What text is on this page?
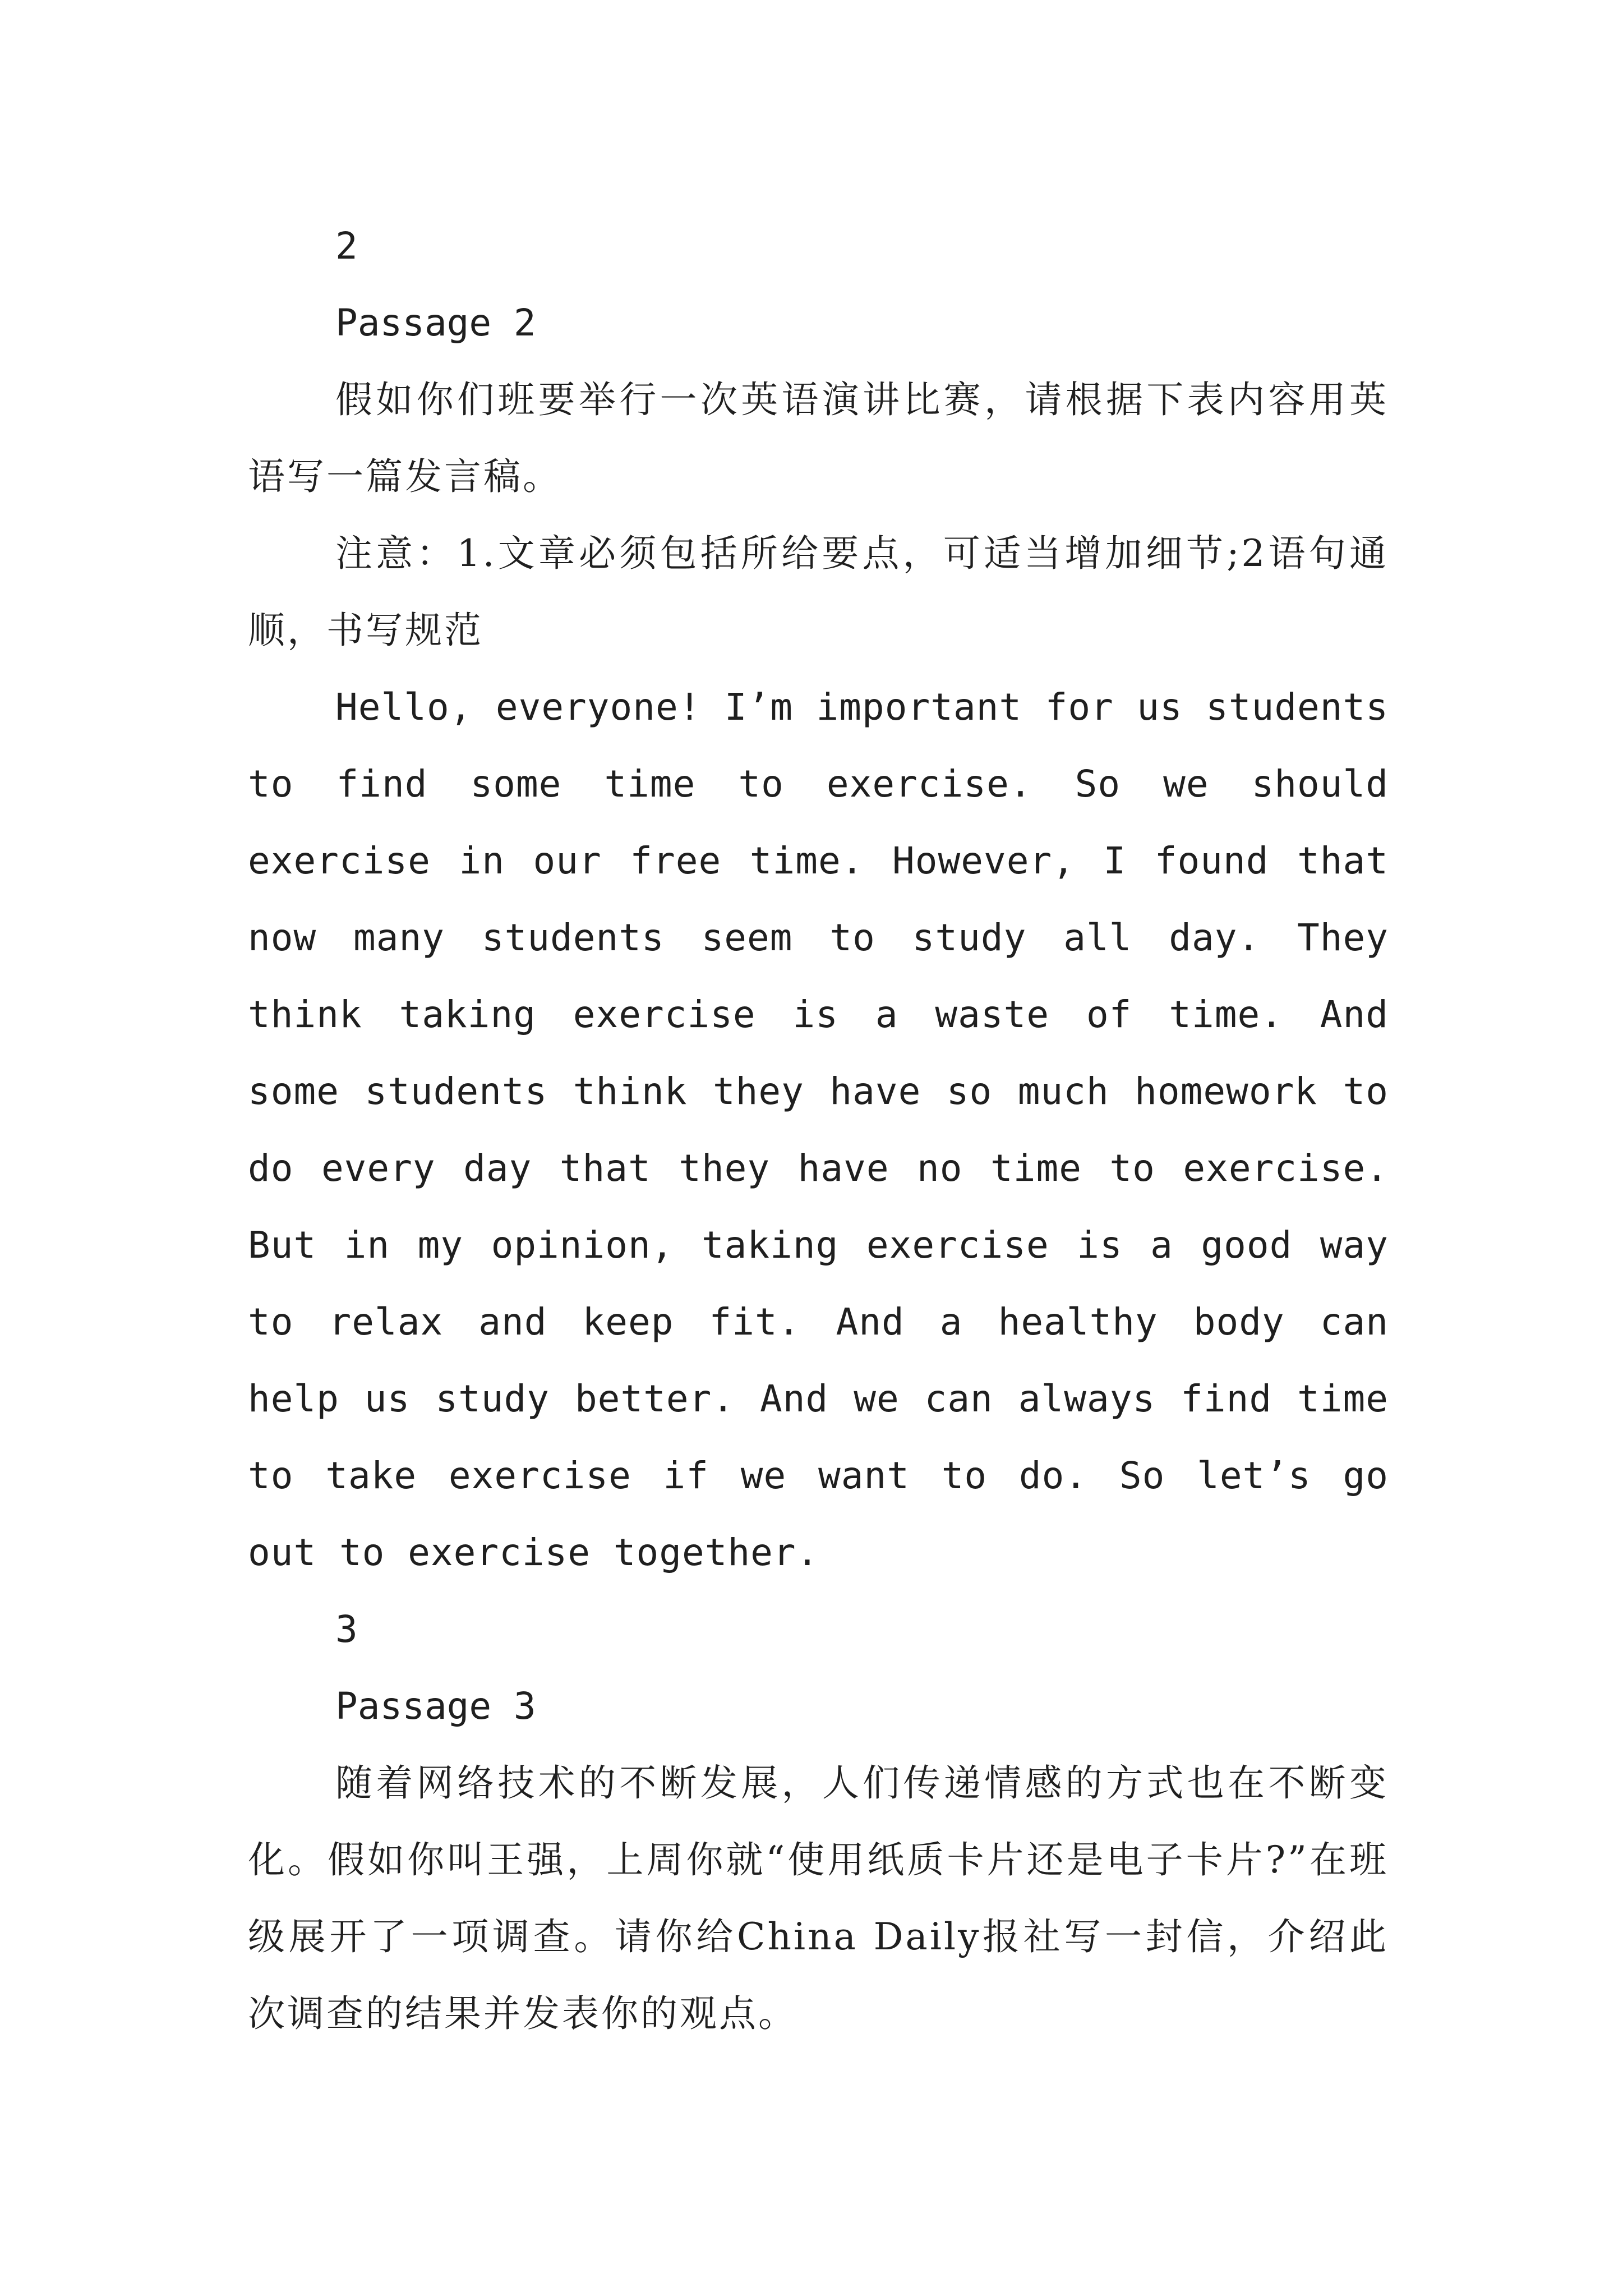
2

Passage 2

假如你们班要举行一次英语演讲比赛，请根据下表内容用英语写一篇发言稿。

注意：1.文章必须包括所给要点，可适当增加细节;2语句通顺，书写规范

Hello, everyone! I’m important for us students to find some time to exercise. So we should exercise in our free time. However, I found that now many students seem to study all day. They think taking exercise is a waste of time. And some students think they have so much homework to do every day that they have no time to exercise. But in my opinion, taking exercise is a good way to relax and keep fit. And a healthy body can help us study better. And we can always find time to take exercise if we want to do. So let’s go out to exercise together.

3

Passage 3

随着网络技术的不断发展，人们传递情感的方式也在不断变化。假如你叫王强，上周你就“使用纸质卡片还是电子卡片?”在班级展开了一项调查。请你给China Daily报社写一封信，介绍此次调查的结果并发表你的观点。
